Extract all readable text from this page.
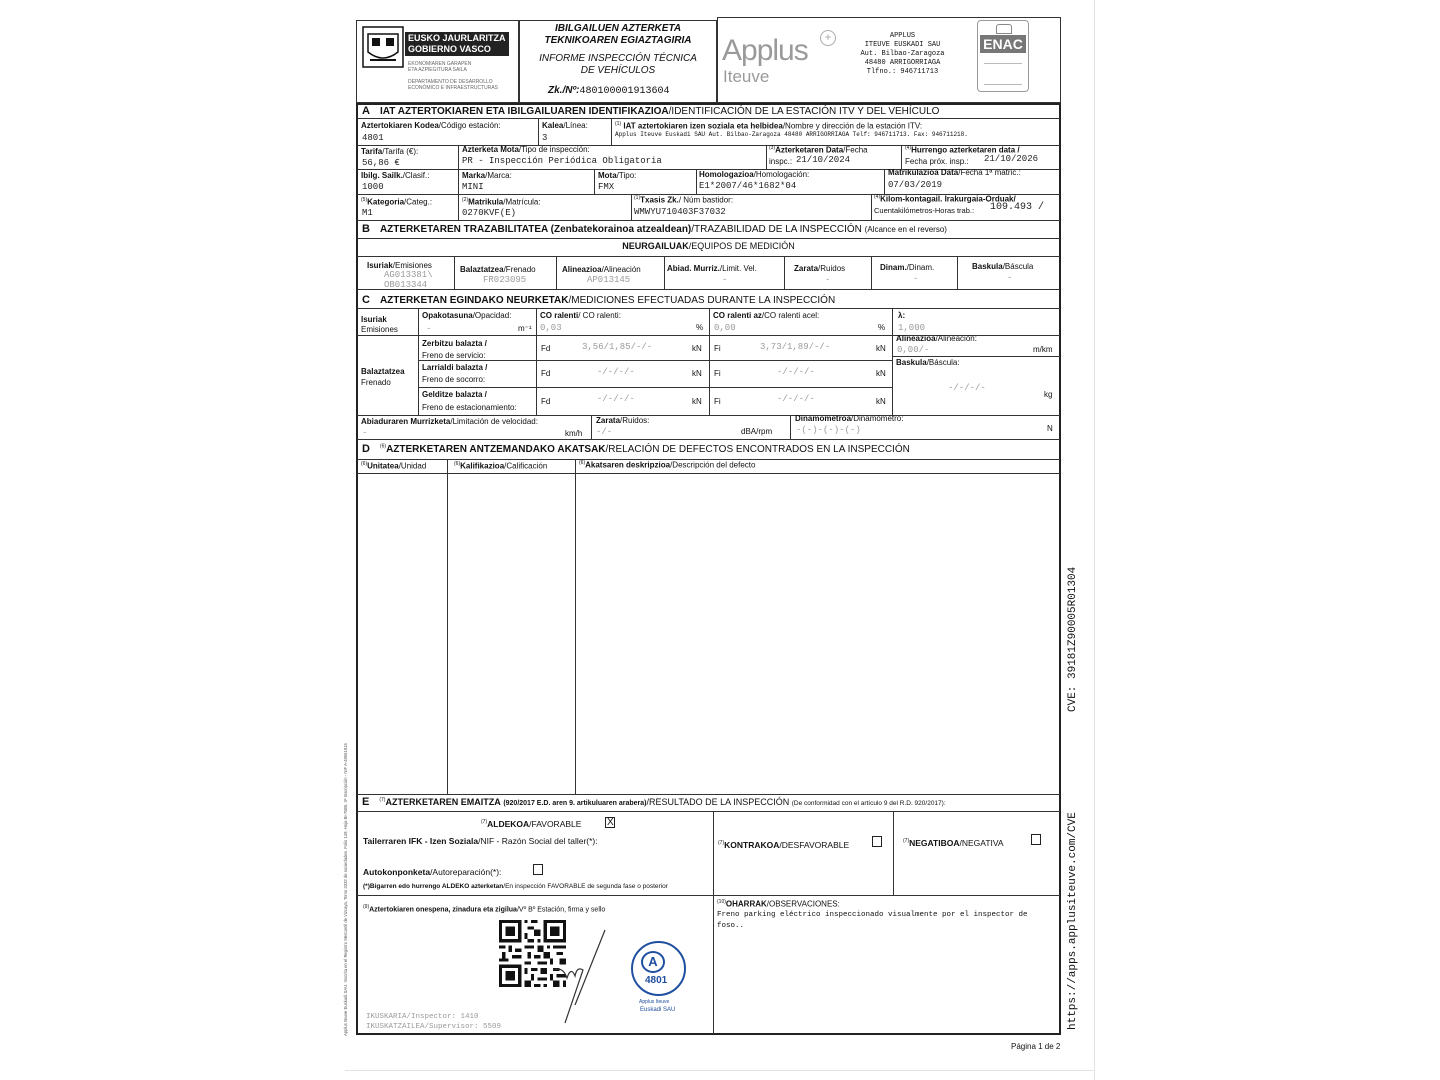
EUSKO JAURLARITZA
GOBIERNO VASCO
EKONOMIAREN GARAPEN
ETA AZPIEGITURA SAILA
DEPARTAMENTO DE DESARROLLO
ECONÓMICO E INFRAESTRUCTURAS
IBILGAILUEN AZTERKETA
TEKNIKOAREN EGIAZTAGIRIA
INFORME INSPECCIÓN TÉCNICA
DE VEHÍCULOS
Zk./Nº:480100001913604
Applus	+
Iteuve
APPLUS
ITEUVE EUSKADI SAU
Aut. Bilbao-Zaragoza
48480 ARRIGORRIAGA
Tlfno.: 946711713
ENAC
A IAT AZTERTOKIAREN ETA IBILGAILUAREN IDENTIFIKAZIOA/IDENTIFICACIÓN DE LA ESTACIÓN ITV Y DEL VEHÍCULO
Aztertokiaren Kodea/Código estación:
4801
Kalea/Línea:
3
$^{(1)}$ IAT aztertokiaren izen soziala eta helbidea/Nombre y dirección de la estación ITV:
Applus Iteuve Euskadi SAU Aut. Bilbao-Zaragoza 48480 ARRIGORRIAGA Telf: 946711713. Fax: 946711218.
Tarifa/Tarifa (€):
56,86 €
Azterketa Mota/Tipo de inspección:
PR - Inspección Periódica Obligatoria
$^{(3)}$Azterketaren Data/Fecha
inspc.: 21/10/2024
$^{(4)}$Hurrengo azterketaren data /
Fecha próx. insp.: 21/10/2026
Ibilg. Sailk./Clasif.:
1000
Marka/Marca:
MINI
Mota/Tipo:
FMX
Homologazioa/Homologación:
E1*2007/46*1682*04
Matrikulazioa Data/Fecha 1ª matric.:
07/03/2019
$^{(5)}$Kategoria/Categ.:
M1
$^{(2)}$Matrikula/Matrícula:
0270KVF(E)
$^{(1)}$Txasis Zk./ Núm bastidor:
WMWYU710403F37032
$^{(4)}$Kilom-kontagail. Irakurgaia-Orduak/
Cuentakilómetros-Horas trab.: 109.493 /
B AZTERKETAREN TRAZABILITATEA (Zenbatekorainoa atzealdean)/TRAZABILIDAD DE LA INSPECCIÓN (Alcance en el reverso)
NEURGAILUAK/EQUIPOS DE MEDICIÓN
Isuriak/Emisiones
AG013381\
OB013344
Balaztatzea/Frenado
FR023095
Alineazioa/Alineación
AP013145
Abiad. Murriz./Limit. Vel.
-
Zarata/Ruidos
-
Dinam./Dinam.
-
Baskula/Báscula
-
C AZTERKETAN EGINDAKO NEURKETAK/MEDICIONES EFECTUADAS DURANTE LA INSPECCIÓN
Isuriak
Emisiones
Opakotasuna/Opacidad:
-	m⁻¹
CO ralenti/ CO ralenti:
0,03	%
CO ralenti az/CO ralenti acel:
0,00	%
λ:
1,000
Balaztatzea
Frenado
Zerbitzu balazta /
Freno de servicio:
Fd	3,56/1,85/-/-	kN Fi	3,73/1,89/-/-	kN
Larrialdi balazta /
Freno de socorro:
Fd	-/-/-/-	kN Fi	-/-/-/-	kN
Gelditze balazta /
Freno de estacionamiento:
Fd	-/-/-/-	kN Fi	-/-/-/-	kN
Alineazioa/Alineación:
0,00/-	m/km
Baskula/Báscula:
-/-/-/-
kg
Abiaduraren Murrizketa/Limitación de velocidad:
-	km/h
Zarata/Ruidos:
-/-	dBA/rpm
Dinamometroa/Dinamómetro:
-(-)-(-)-(-)	N
D $^{(6)}$AZTERKETAREN ANTZEMANDAKO AKATSAK/RELACIÓN DE DEFECTOS ENCONTRADOS EN LA INSPECCIÓN
$^{(6)}$Unitatea/Unidad	$^{(6)}$Kalifikazioa/Calificación	$^{(6)}$Akatsaren deskripzioa/Descripción del defecto
E $^{(7)}$AZTERKETAREN EMAITZA (920/2017 E.D. aren 9. artikuluaren arabera)/RESULTADO DE LA INSPECCIÓN (De conformidad con el artículo 9 del R.D. 920/2017):
$^{(7)}$ALDEKOA/FAVORABLE	X
Tailerraren IFK - Izen Soziala/NIF - Razón Social del taller(*):
Autokonponketa/Autoreparación(*):
(*)Bigarren edo hurrengo ALDEKO azterketan/En inspección FAVORABLE de segunda fase o posterior
$^{(7)}$KONTRAKOA/DESFAVORABLE	$^{(7)}$NEGATIBOA/NEGATIVA
$^{(9)}$Aztertokiaren onespena, zinadura eta zigilua/Vº Bº Estación, firma y sello
$^{(10)}$OHARRAK/OBSERVACIONES:
Freno parking eléctrico inspeccionado visualmente por el inspector de
foso..
A
4801
Applus Iteuve
Euskadi SAU
IKUSKARIA/Inspector: 1410
IKUSKATZAILEA/Supervisor: 5509
Página 1 de 2
CVE: 39181Z90005R01304
https://apps.applusiteuve.com/CVE
Applus Iteuve Euskadi SAU. Inscrita en el Registro Mercantil de Vizcaya, Tomo 3332 de sociedades. Folio 149, Hoja BI-7885, 3ª Inscripción - NIF A-48651915
